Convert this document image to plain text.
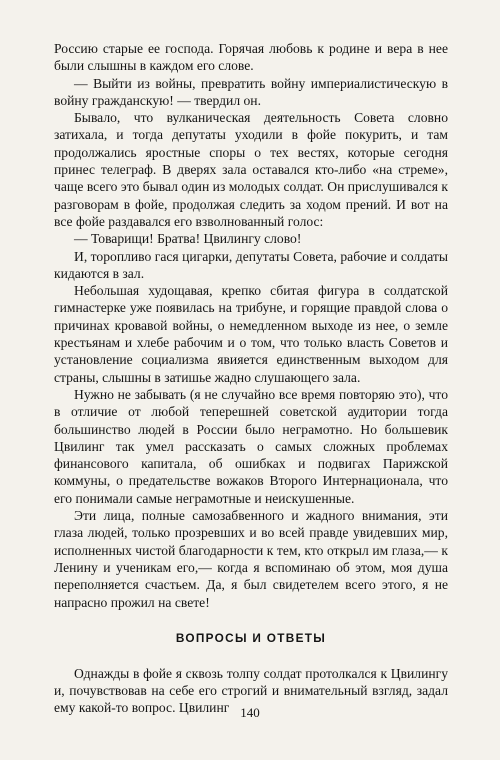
Россию старые ее господа. Горячая любовь к родине и вера в нее были слышны в каждом его слове.

— Выйти из войны, превратить войну империалистическую в войну гражданскую! — твердил он.

Бывало, что вулканическая деятельность Совета словно затихала, и тогда депутаты уходили в фойе покурить, и там продолжались яростные споры о тех вестях, которые сегодня принес телеграф. В дверях зала оставался кто-либо «на стреме», чаще всего это бывал один из молодых солдат. Он прислушивался к разговорам в фойе, продолжая следить за ходом прений. И вот на все фойе раздавался его взволнованный голос:

— Товарищи! Братва! Цвилингу слово!

И, торопливо гася цигарки, депутаты Совета, рабочие и солдаты кидаются в зал.

Небольшая худощавая, крепко сбитая фигура в солдатской гимнастерке уже появилась на трибуне, и горящие правдой слова о причинах кровавой войны, о немедленном выходе из нее, о земле крестьянам и хлебе рабочим и о том, что только власть Советов и установление социализма явияется единственным выходом для страны, слышны в затишье жадно слушающего зала.

Нужно не забывать (я не случайно все время повторяю это), что в отличие от любой теперешней советской аудитории тогда большинство людей в России было неграмотно. Но большевик Цвилинг так умел рассказать о самых сложных проблемах финансового капитала, об ошибках и подвигах Парижской коммуны, о предательстве вожаков Второго Интернационала, что его понимали самые неграмотные и неискушенные.

Эти лица, полные самозабвенного и жадного внимания, эти глаза людей, только прозревших и во всей правде увидевших мир, исполненных чистой благодарности к тем, кто открыл им глаза,— к Ленину и ученикам его,— когда я вспоминаю об этом, моя душа переполняется счастьем. Да, я был свидетелем всего этого, я не напрасно прожил на свете!

ВОПРОСЫ И ОТВЕТЫ

Однажды в фойе я сквозь толпу солдат протолкался к Цвилингу и, почувствовав на себе его строгий и внимательный взгляд, задал ему какой-то вопрос. Цвилинг 140
